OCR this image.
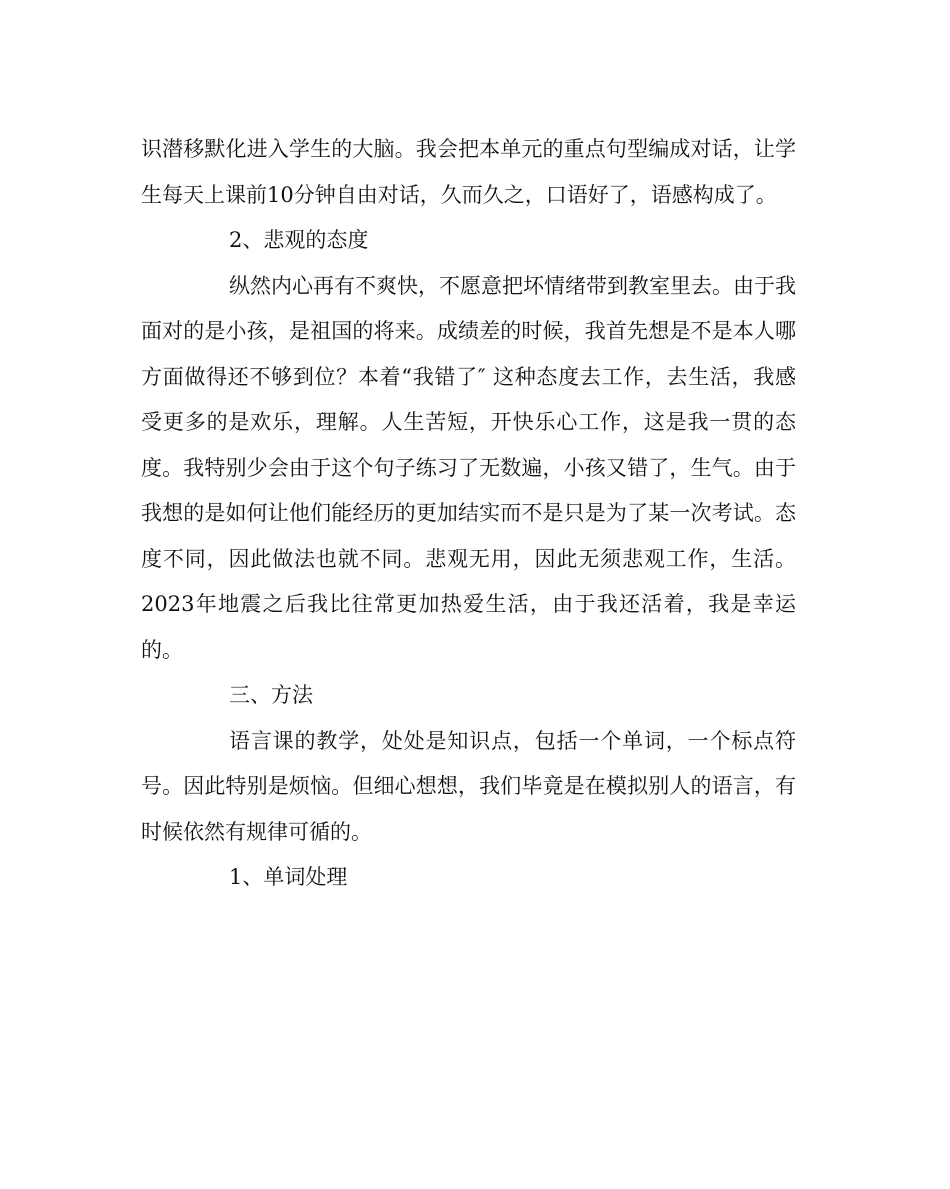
识潜移默化进入学生的大脑。我会把本单元的重点句型编成对话，让学生每天上课前10分钟自由对话，久而久之，口语好了，语感构成了。

2、悲观的态度

纵然内心再有不爽快，不愿意把坏情绪带到教室里去。由于我面对的是小孩，是祖国的将来。成绩差的时候，我首先想是不是本人哪方面做得还不够到位？本着“我错了″ 这种态度去工作，去生活，我感受更多的是欢乐，理解。人生苦短，开快乐心工作，这是我一贯的态度。我特别少会由于这个句子练习了无数遍，小孩又错了，生气。由于我想的是如何让他们能经历的更加结实而不是只是为了某一次考试。态度不同，因此做法也就不同。悲观无用，因此无须悲观工作，生活。2023年地震之后我比往常更加热爱生活，由于我还活着，我是幸运的。

三、方法

语言课的教学，处处是知识点，包括一个单词，一个标点符号。因此特别是烦恼。但细心想想，我们毕竟是在模拟别人的语言，有时候依然有规律可循的。

1、单词处理
